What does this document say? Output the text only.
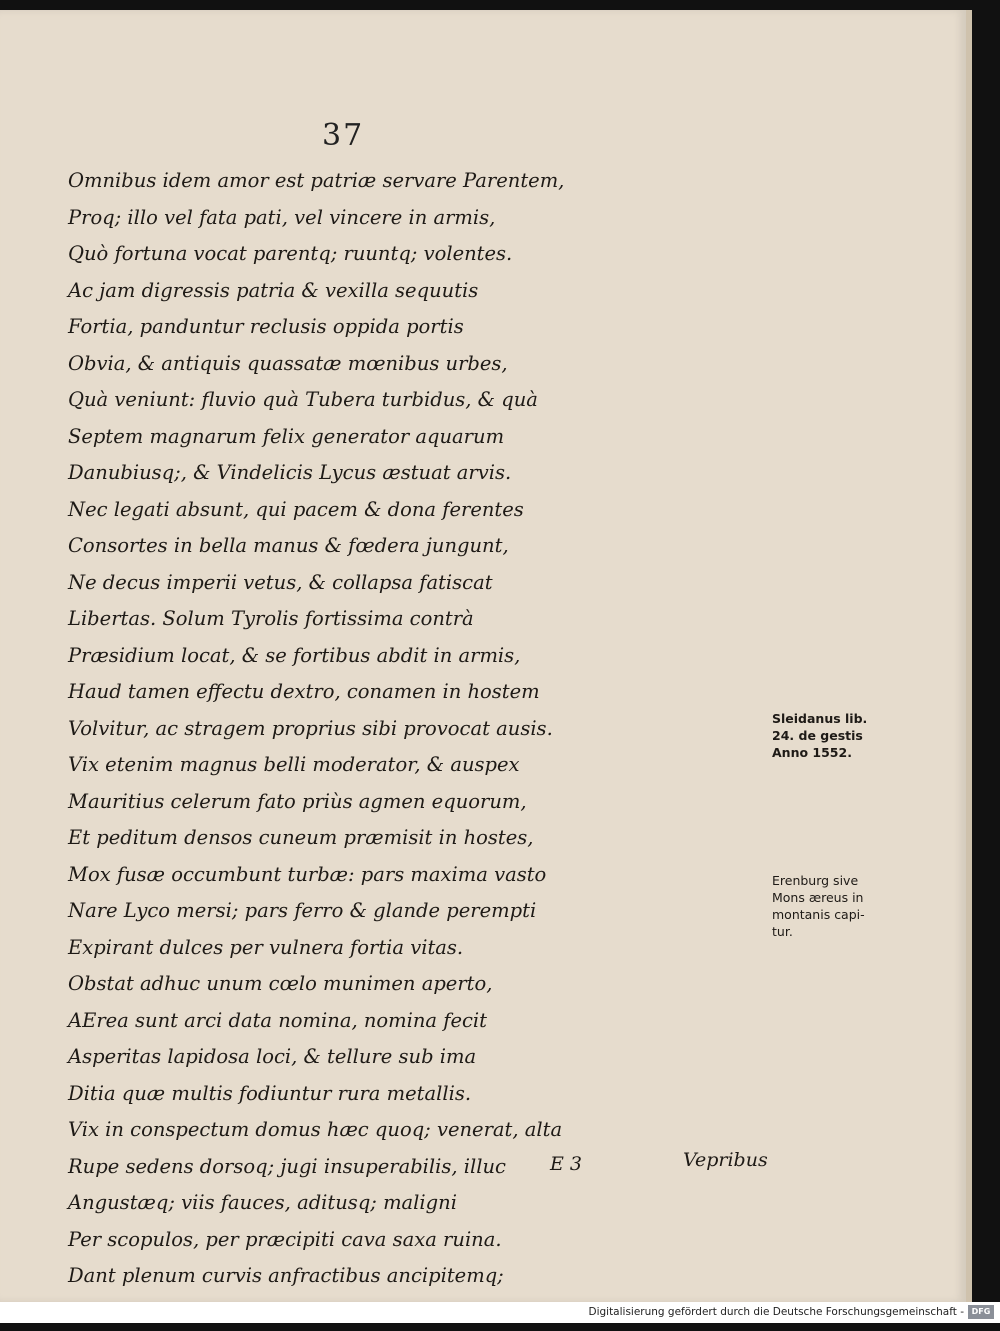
37
Omnibus idem amor est patriæ servare Parentem,
Proq; illo vel fata pati, vel vincere in armis,
Quò fortuna vocat parentq; ruuntq; volentes.
Ac jam digressis patria & vexilla sequutis
Fortia, panduntur reclusis oppida portis
Obvia, & antiquis quassatæ mœnibus urbes,
Quà veniunt: fluvio quà Tubera turbidus, & quà
Septem magnarum felix generator aquarum
Danubiusq;, & Vindelicis Lycus æstuat arvis.
Nec legati absunt, qui pacem & dona ferentes
Consortes in bella manus & fœdera jungunt,
Ne decus imperii vetus, & collapsa fatiscat
Libertas. Solum Tyrolis fortissima contrà
Præsidium locat, & se fortibus abdit in armis,
Haud tamen effectu dextro, conamen in hostem
Volvitur, ac stragem proprius sibi provocat ausis.
Vix etenim magnus belli moderator, & auspex
Mauritius celerum fato priùs agmen equorum,
Et peditum densos cuneum præmisit in hostes,
Mox fusæ occumbunt turbæ: pars maxima vasto
Nare Lyco mersi; pars ferro & glande perempti
Expirant dulces per vulnera fortia vitas.
Obstat adhuc unum cœlo munimen aperto,
AErea sunt arci data nomina, nomina fecit
Asperitas lapidosa loci, & tellure sub ima
Ditia quæ multis fodiuntur rura metallis.
Vix in conspectum domus hæc quoq; venerat, alta
Rupe sedens dorsoq; jugi insuperabilis, illuc
Angustæq; viis fauces, aditusq; maligni
Per scopulos, per præcipiti cava saxa ruina.
Dant plenum curvis anfractibus ancipitemq;
Sleidanus lib.
24. de gestis
Anno 1552.
Erenburg sive
Mons æreus in
montanis capi-
tur.
E 3	Vepribus
Digitalisierung gefördert durch die Deutsche Forschungsgemeinschaft - DFG
